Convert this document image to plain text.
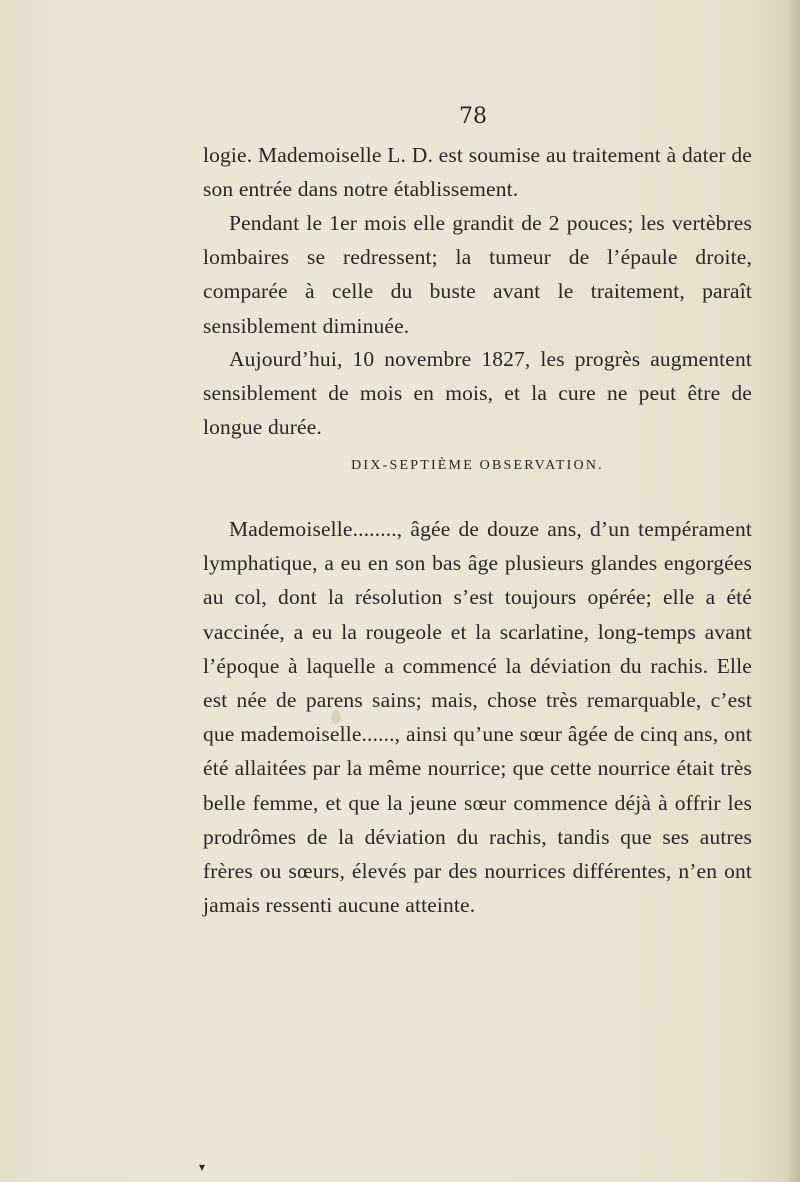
78

logie. Mademoiselle L. D. est soumise au traitement à dater de son entrée dans notre établissement.

Pendant le 1er mois elle grandit de 2 pouces; les vertèbres lombaires se redressent; la tumeur de l’épaule droite, comparée à celle du buste avant le traitement, paraît sensiblement diminuée.

Aujourd’hui, 10 novembre 1827, les progrès augmentent sensiblement de mois en mois, et la cure ne peut être de longue durée.

DIX-SEPTIÈME OBSERVATION.

Mademoiselle........, âgée de douze ans, d’un tempérament lymphatique, a eu en son bas âge plusieurs glandes engorgées au col, dont la résolution s’est toujours opérée; elle a été vaccinée, a eu la rougeole et la scarlatine, long-temps avant l’époque à laquelle a commencé la déviation du rachis. Elle est née de parens sains; mais, chose très remarquable, c’est que mademoiselle......, ainsi qu’une sœur âgée de cinq ans, ont été allaitées par la même nourrice; que cette nourrice était très belle femme, et que la jeune sœur commence déjà à offrir les prodrômes de la déviation du rachis, tandis que ses autres frères ou sœurs, élevés par des nourrices différentes, n’en ont jamais ressenti aucune atteinte.

▾
